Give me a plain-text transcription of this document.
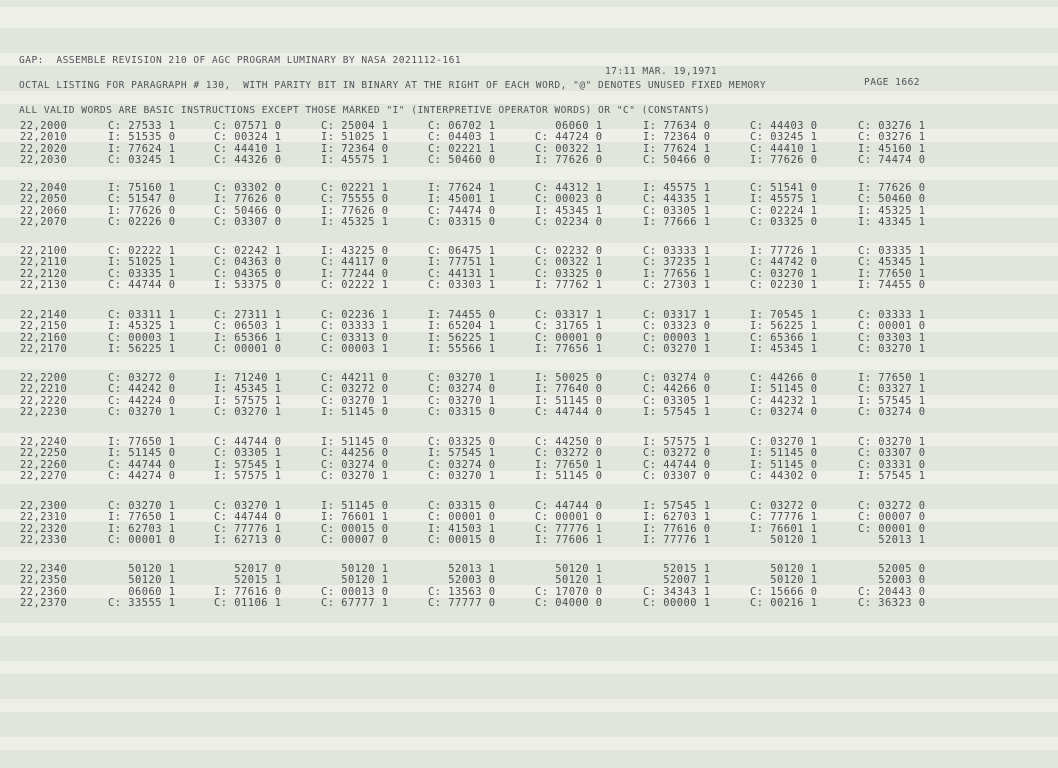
GAP:  ASSEMBLE REVISION 210 OF AGC PROGRAM LUMINARY BY NASA 2021112-161

17:11 MAR. 19,1971

PAGE 1662

OCTAL LISTING FOR PARAGRAPH # 130,  WITH PARITY BIT IN BINARY AT THE RIGHT OF EACH WORD, "@" DENOTES UNUSED FIXED MEMORY

ALL VALID WORDS ARE BASIC INSTRUCTIONS EXCEPT THOSE MARKED "I" (INTERPRETIVE OPERATOR WORDS) OR "C" (CONSTANTS)

22,2000	C: 27533 1	C: 07571 0	C: 25004 1	C: 06702 1	06060 1	I: 77634 0	C: 44403 0	C: 03276 1
22,2010	I: 51535 0	C: 00324 1	I: 51025 1	C: 04403 1	C: 44724 0	I: 72364 0	C: 03245 1	C: 03276 1
22,2020	I: 77624 1	C: 44410 1	I: 72364 0	C: 02221 1	C: 00322 1	I: 77624 1	C: 44410 1	I: 45160 1
22,2030	C: 03245 1	C: 44326 0	I: 45575 1	C: 50460 0	I: 77626 0	C: 50466 0	I: 77626 0	C: 74474 0
22,2040	I: 75160 1	C: 03302 0	C: 02221 1	I: 77624 1	C: 44312 1	I: 45575 1	C: 51541 0	I: 77626 0
22,2050	C: 51547 0	I: 77626 0	C: 75555 0	I: 45001 1	C: 00023 0	C: 44335 1	I: 45575 1	C: 50460 0
22,2060	I: 77626 0	C: 50466 0	I: 77626 0	C: 74474 0	I: 45345 1	C: 03305 1	C: 02224 1	I: 45325 1
22,2070	C: 02226 0	C: 03307 0	I: 45325 1	C: 03315 0	C: 02234 0	I: 77666 1	C: 03325 0	I: 43345 1
22,2100	C: 02222 1	C: 02242 1	I: 43225 0	C: 06475 1	C: 02232 0	C: 03333 1	I: 77726 1	C: 03335 1
22,2110	I: 51025 1	C: 04363 0	C: 44117 0	I: 77751 1	C: 00322 1	C: 37235 1	C: 44742 0	C: 45345 1
22,2120	C: 03335 1	C: 04365 0	I: 77244 0	C: 44131 1	C: 03325 0	I: 77656 1	C: 03270 1	I: 77650 1
22,2130	C: 44744 0	I: 53375 0	C: 02222 1	C: 03303 1	I: 77762 1	C: 27303 1	C: 02230 1	I: 74455 0
22,2140	C: 03311 1	C: 27311 1	C: 02236 1	I: 74455 0	C: 03317 1	C: 03317 1	I: 70545 1	C: 03333 1
22,2150	I: 45325 1	C: 06503 1	C: 03333 1	I: 65204 1	C: 31765 1	C: 03323 0	I: 56225 1	C: 00001 0
22,2160	C: 00003 1	I: 65366 1	C: 03313 0	I: 56225 1	C: 00001 0	C: 00003 1	C: 65366 1	C: 03303 1
22,2170	I: 56225 1	C: 00001 0	C: 00003 1	I: 55566 1	I: 77656 1	C: 03270 1	I: 45345 1	C: 03270 1
22,2200	C: 03272 0	I: 71240 1	C: 44211 0	C: 03270 1	I: 50025 0	C: 03274 0	C: 44266 0	I: 77650 1
22,2210	C: 44242 0	I: 45345 1	C: 03272 0	C: 03274 0	I: 77640 0	C: 44266 0	I: 51145 0	C: 03327 1
22,2220	C: 44224 0	I: 57575 1	C: 03270 1	C: 03270 1	I: 51145 0	C: 03305 1	C: 44232 1	I: 57545 1
22,2230	C: 03270 1	C: 03270 1	I: 51145 0	C: 03315 0	C: 44744 0	I: 57545 1	C: 03274 0	C: 03274 0
22,2240	I: 77650 1	C: 44744 0	I: 51145 0	C: 03325 0	C: 44250 0	I: 57575 1	C: 03270 1	C: 03270 1
22,2250	I: 51145 0	C: 03305 1	C: 44256 0	I: 57545 1	C: 03272 0	C: 03272 0	I: 51145 0	C: 03307 0
22,2260	C: 44744 0	I: 57545 1	C: 03274 0	C: 03274 0	I: 77650 1	C: 44744 0	I: 51145 0	C: 03331 0
22,2270	C: 44274 0	I: 57575 1	C: 03270 1	C: 03270 1	I: 51145 0	C: 03307 0	C: 44302 0	I: 57545 1
22,2300	C: 03270 1	C: 03270 1	I: 51145 0	C: 03315 0	C: 44744 0	I: 57545 1	C: 03272 0	C: 03272 0
22,2310	I: 77650 1	C: 44744 0	I: 76601 1	C: 00001 0	C: 00001 0	I: 62703 1	C: 77776 1	C: 00007 0
22,2320	I: 62703 1	C: 77776 1	C: 00015 0	I: 41503 1	C: 77776 1	I: 77616 0	I: 76601 1	C: 00001 0
22,2330	C: 00001 0	I: 62713 0	C: 00007 0	C: 00015 0	I: 77606 1	I: 77776 1	50120 1	52013 1
22,2340	50120 1	52017 0	50120 1	52013 1	50120 1	52015 1	50120 1	52005 0
22,2350	50120 1	52015 1	50120 1	52003 0	50120 1	52007 1	50120 1	52003 0
22,2360	06060 1	I: 77616 0	C: 00013 0	C: 13563 0	C: 17070 0	C: 34343 1	C: 15666 0	C: 20443 0
22,2370	C: 33555 1	C: 01106 1	C: 67777 1	C: 77777 0	C: 04000 0	C: 00000 1	C: 00216 1	C: 36323 0
